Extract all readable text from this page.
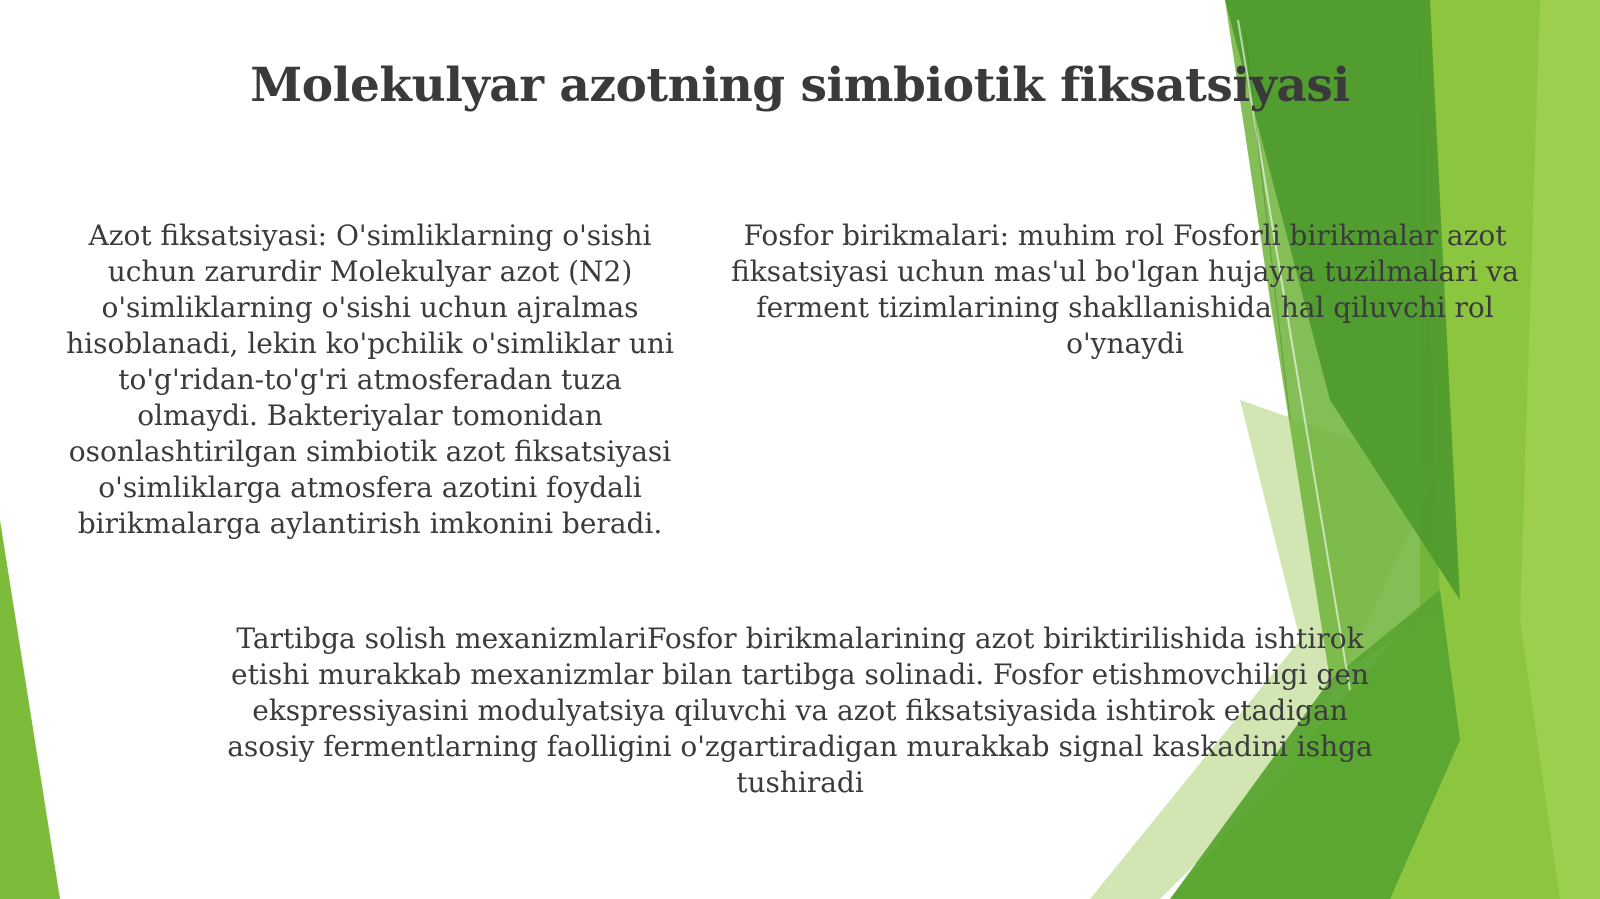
Molekulyar azotning simbiotik fiksatsiyasi
Azot fiksatsiyasi: O'simliklarning o'sishi uchun zarurdir Molekulyar azot (N2) o'simliklarning o'sishi uchun ajralmas hisoblanadi, lekin ko'pchilik o'simliklar uni to'g'ridan-to'g'ri atmosferadan tuza olmaydi. Bakteriyalar tomonidan osonlashtirilgan simbiotik azot fiksatsiyasi o'simliklarga atmosfera azotini foydali birikmalarga aylantirish imkonini beradi.
Fosfor birikmalari: muhim rol Fosforli birikmalar azot fiksatsiyasi uchun mas'ul bo'lgan hujayra tuzilmalari va ferment tizimlarining shakllanishida hal qiluvchi rol o'ynaydi
Tartibga solish mexanizmlariFosfor birikmalarining azot biriktirilishida ishtirok etishi murakkab mexanizmlar bilan tartibga solinadi. Fosfor etishmovchiligi gen ekspressiyasini modulyatsiya qiluvchi va azot fiksatsiyasida ishtirok etadigan asosiy fermentlarning faolligini o'zgartiradigan murakkab signal kaskadini ishga tushiradi
